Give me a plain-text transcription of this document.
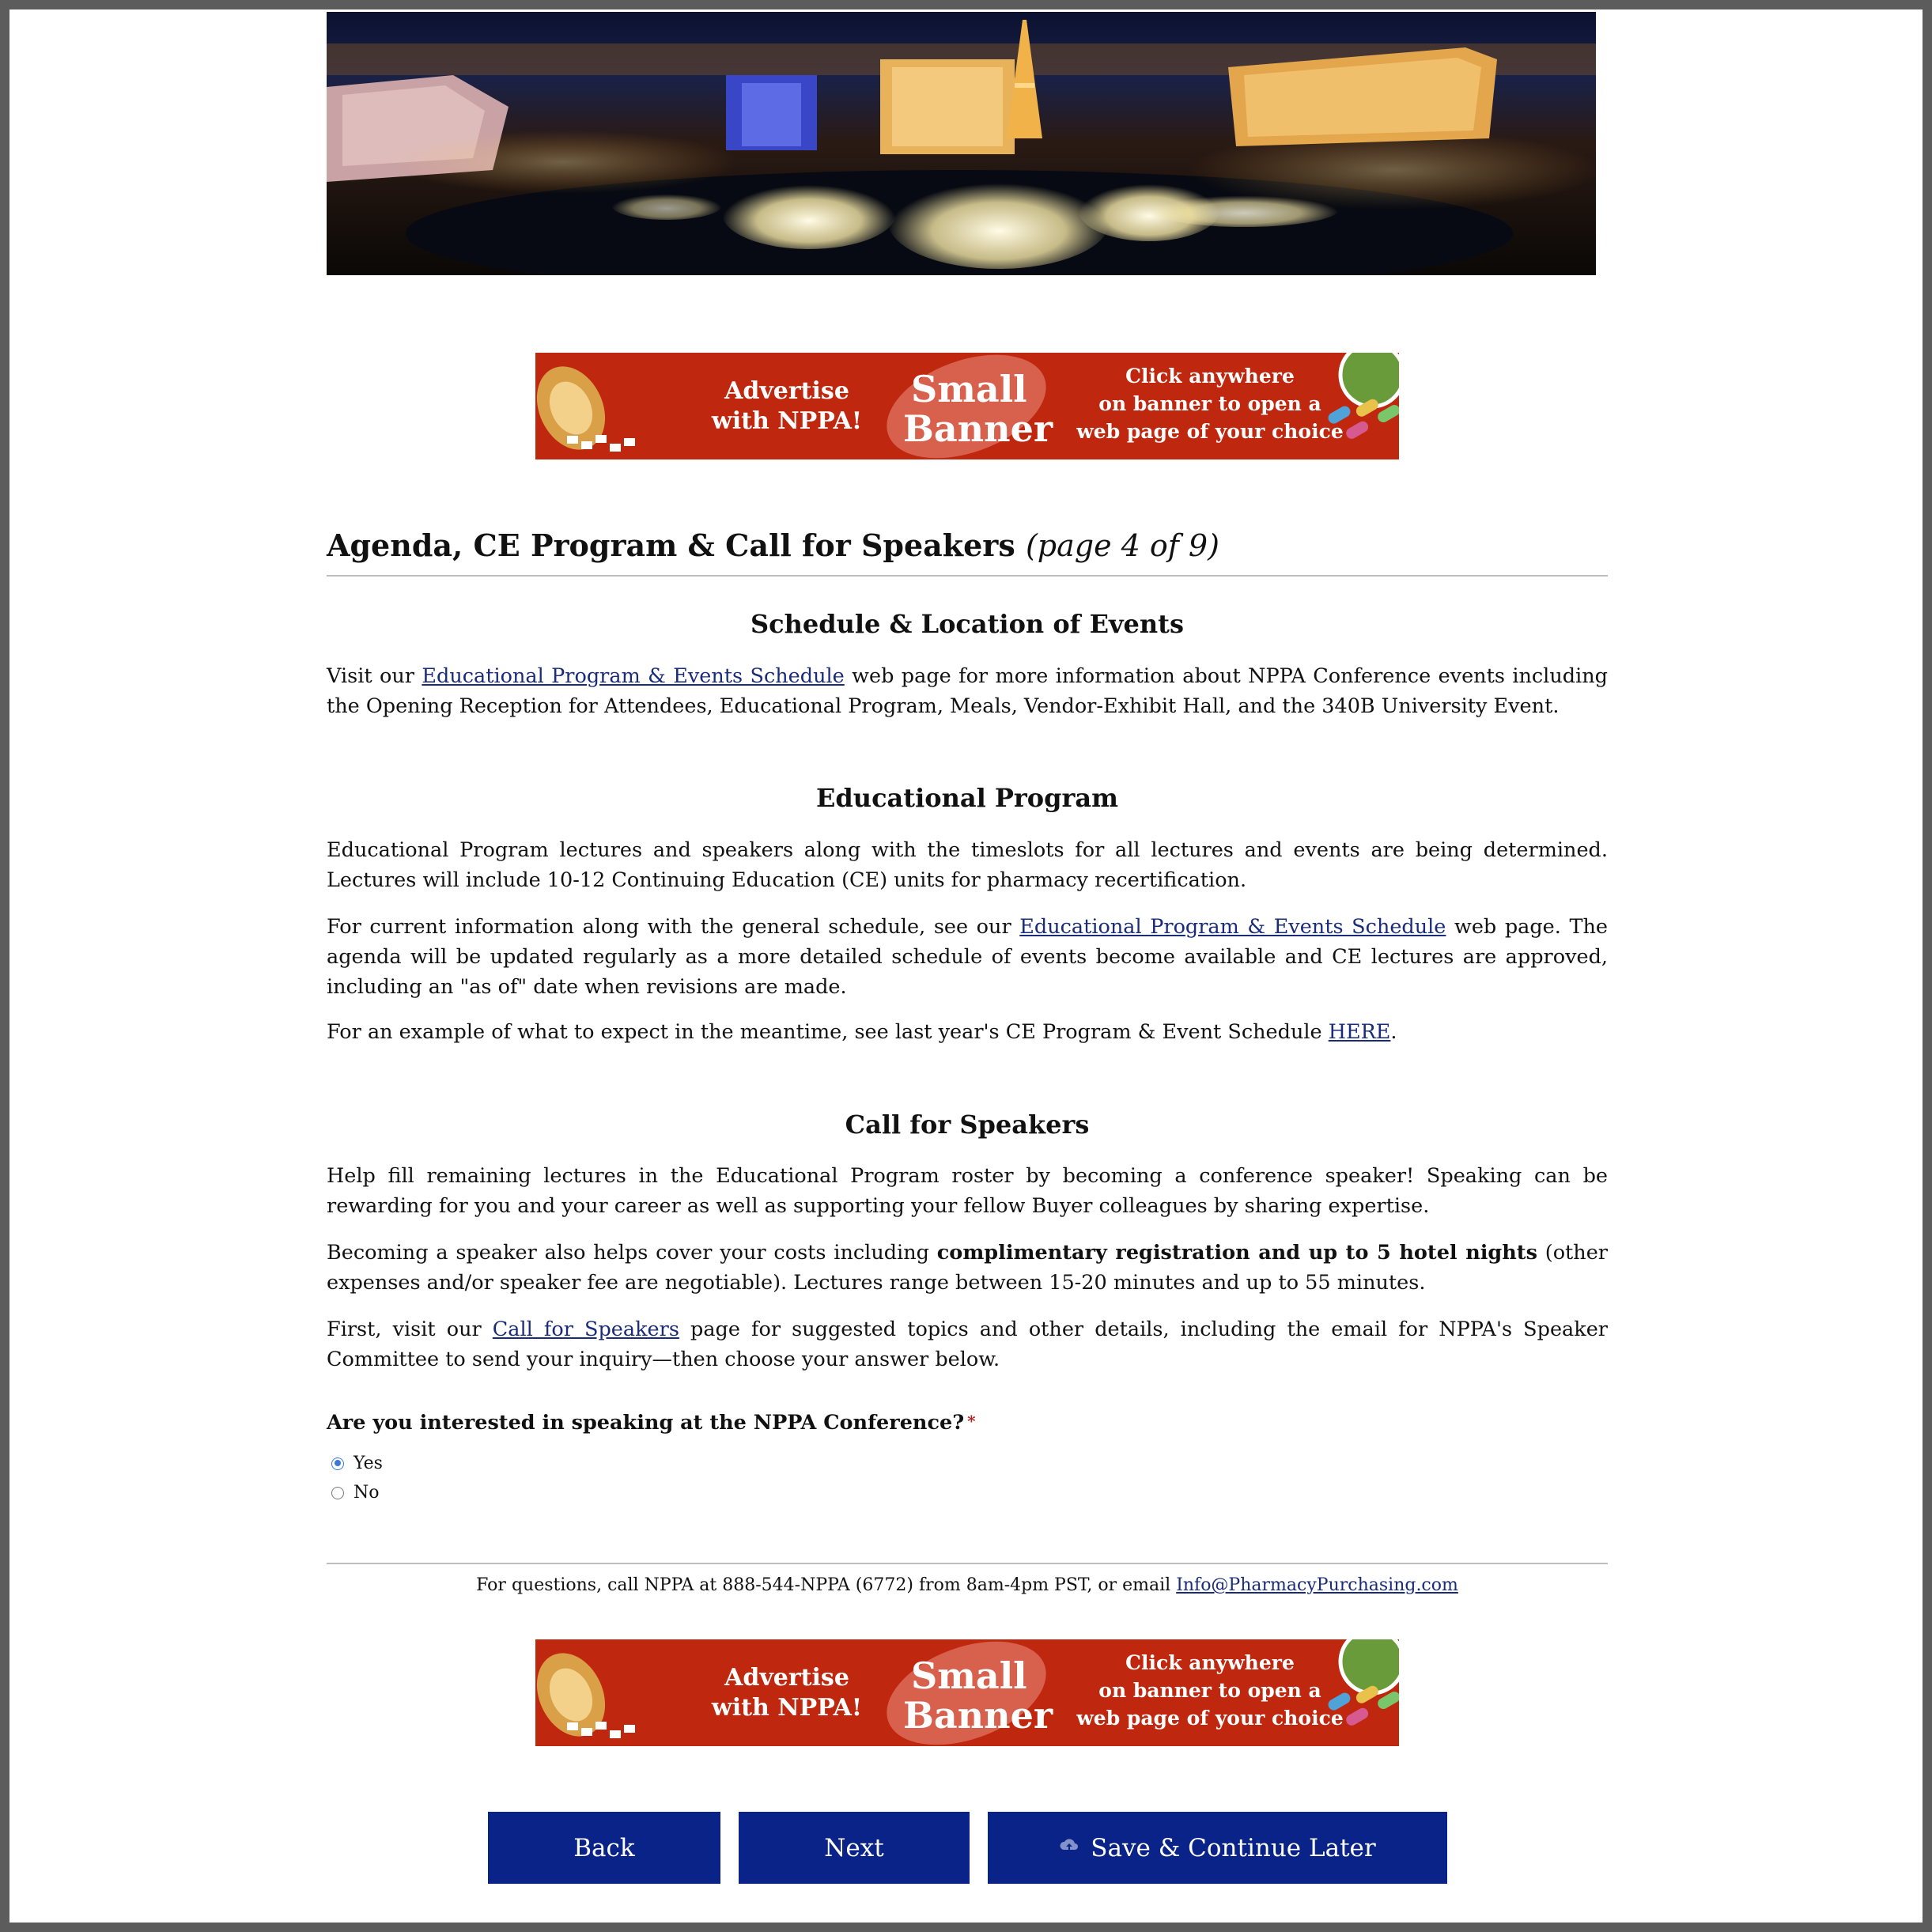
Advertise
with NPPA!
Small
Banner
Click anywhere
on banner to open a
web page of your choice
Agenda, CE Program & Call for Speakers (page 4 of 9)
Schedule & Location of Events

Visit our Educational Program & Events Schedule web page for more information about NPPA Conference events including the Opening Reception for Attendees, Educational Program, Meals, Vendor-Exhibit Hall, and the 340B University Event.

Educational Program

Educational Program lectures and speakers along with the timeslots for all lectures and events are being determined. Lectures will include 10-12 Continuing Education (CE) units for pharmacy recertification.

For current information along with the general schedule, see our Educational Program & Events Schedule web page. The agenda will be updated regularly as a more detailed schedule of events become available and CE lectures are approved, including an "as of" date when revisions are made.

For an example of what to expect in the meantime, see last year's CE Program & Event Schedule HERE.

Call for Speakers

Help fill remaining lectures in the Educational Program roster by becoming a conference speaker! Speaking can be rewarding for you and your career as well as supporting your fellow Buyer colleagues by sharing expertise.

Becoming a speaker also helps cover your costs including complimentary registration and up to 5 hotel nights (other expenses and/or speaker fee are negotiable). Lectures range between 15-20 minutes and up to 55 minutes.

First, visit our Call for Speakers page for suggested topics and other details, including the email for NPPA's Speaker Committee to send your inquiry—then choose your answer below.

Are you interested in speaking at the NPPA Conference? *
Yes
No
For questions, call NPPA at 888-544-NPPA (6772) from 8am-4pm PST, or email Info@PharmacyPurchasing.com
Advertise
with NPPA!
Small
Banner
Click anywhere
on banner to open a
web page of your choice
Back	Next	Save & Continue Later
